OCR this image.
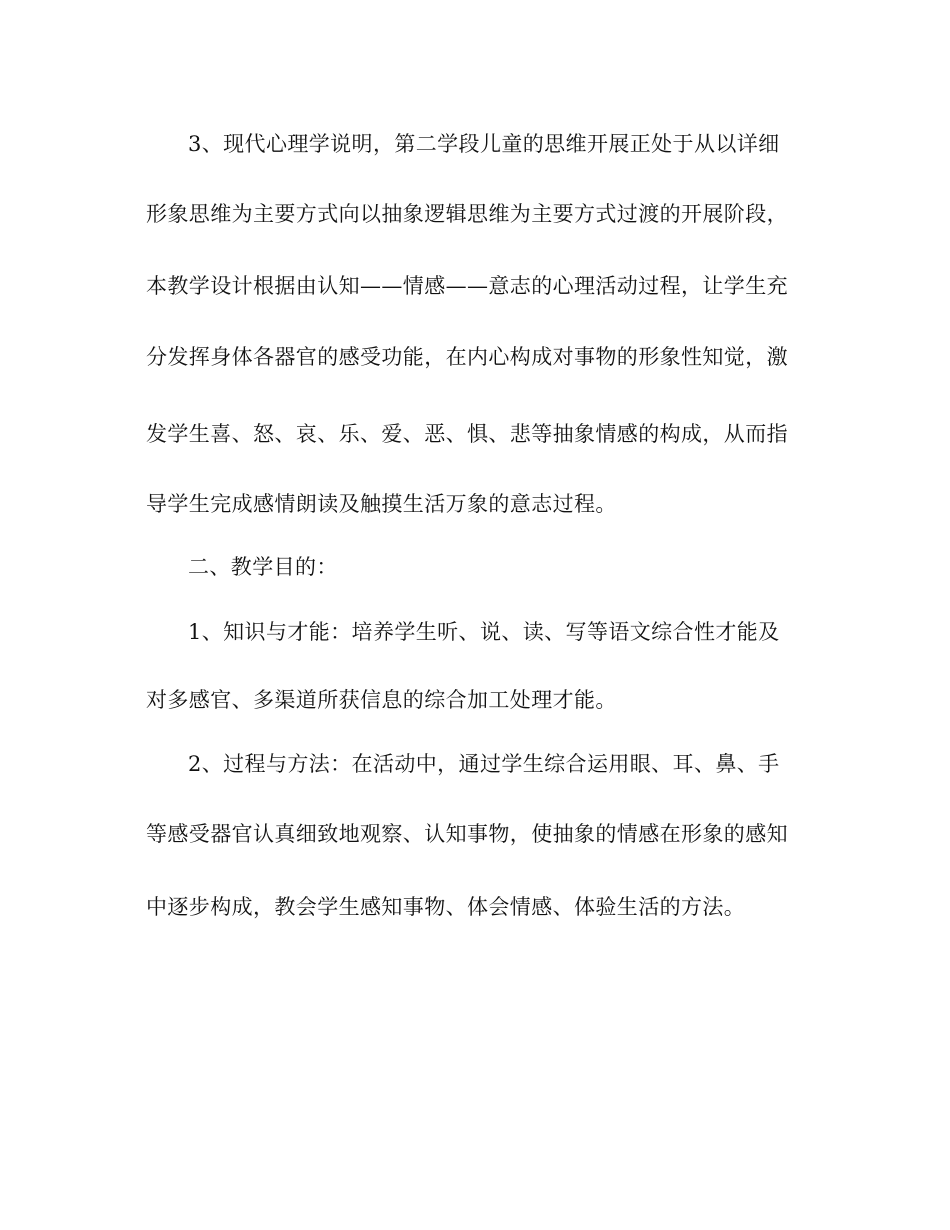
3、现代心理学说明，第二学段儿童的思维开展正处于从以详细
形象思维为主要方式向以抽象逻辑思维为主要方式过渡的开展阶段，
本教学设计根据由认知——情感——意志的心理活动过程，让学生充
分发挥身体各器官的感受功能，在内心构成对事物的形象性知觉，激
发学生喜、怒、哀、乐、爱、恶、惧、悲等抽象情感的构成，从而指
导学生完成感情朗读及触摸生活万象的意志过程。
二、教学目的：
1、知识与才能：培养学生听、说、读、写等语文综合性才能及
对多感官、多渠道所获信息的综合加工处理才能。
2、过程与方法：在活动中，通过学生综合运用眼、耳、鼻、手
等感受器官认真细致地观察、认知事物，使抽象的情感在形象的感知
中逐步构成，教会学生感知事物、体会情感、体验生活的方法。
